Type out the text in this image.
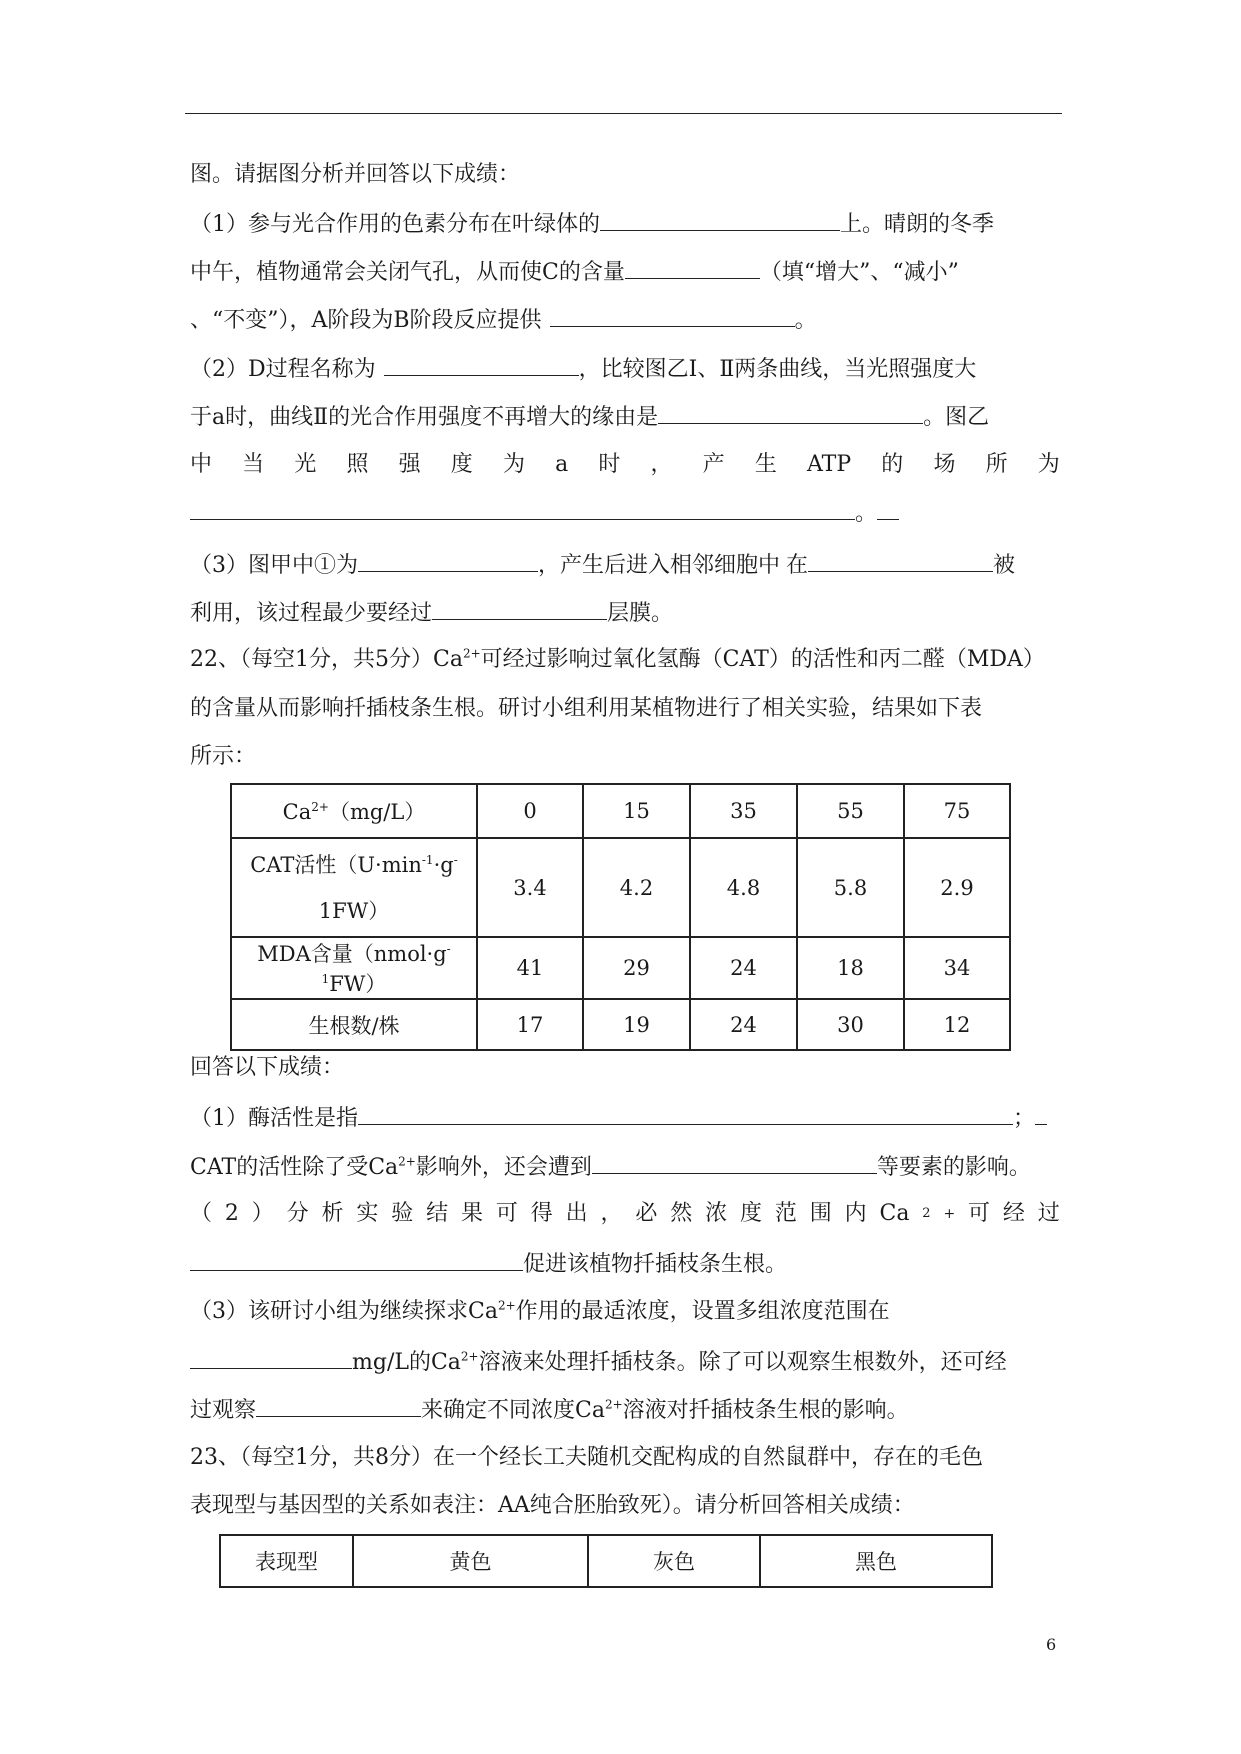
图。请据图分析并回答以下成绩：
（1）参与光合作用的色素分布在叶绿体的	上。晴朗的冬季
中午，植物通常会关闭气孔，从而使C的含量	（填“增大”、“减小”
、“不变”），A阶段为B阶段反应提供	。
（2）D过程名称为	，比较图乙Ⅰ、Ⅱ两条曲线，当光照强度大
于a时，曲线Ⅱ的光合作用强度不再增大的缘由是	。图乙
中 当 光 照 强 度 为 a 时 ， 产 生 ATP 的 场 所 为
。
（3）图甲中①为	，产生后进入相邻细胞中 在	被
利用，该过程最少要经过	层膜。
22、（每空1分，共5分）$Ca^{2+}$可经过影响过氧化氢酶（CAT）的活性和丙二醛（MDA）
的含量从而影响扦插枝条生根。研讨小组利用某植物进行了相关实验，结果如下表
所示：
$Ca^{2+}(mg/L)$	0	15	35	55	75
CAT活性（$U\cdot\min^{-1}\cdot g^-$
1FW）	3.4	4.2	4.8	5.8	2.9
MDA含量$(nmol\cdot g^{-1}FW)$	41	29	24	18	34
生根数/株	17	19	24	30	12
回答以下成绩：
（1）酶活性是指	；
CAT的活性除了受$Ca^{2+}$影响外，还会遭到	等要素的影响。
（ 2 ） 分 析 实 验 结 果 可 得 出 ， 必 然 浓 度 范 围 内 Ca 2 + 可 经 过
促进该植物扦插枝条生根。
（3）该研讨小组为继续探求$Ca^{2+}$作用的最适浓度，设置多组浓度范围在
mg/L的$Ca^{2+}$溶液来处理扦插枝条。除了可以观察生根数外，还可经
过观察	来确定不同浓度$Ca^{2+}$溶液对扦插枝条生根的影响。
23、（每空1分，共8分）在一个经长工夫随机交配构成的自然鼠群中，存在的毛色
表现型与基因型的关系如表注：AA纯合胚胎致死）。请分析回答相关成绩：
表现型	黄色	灰色	黑色
6
